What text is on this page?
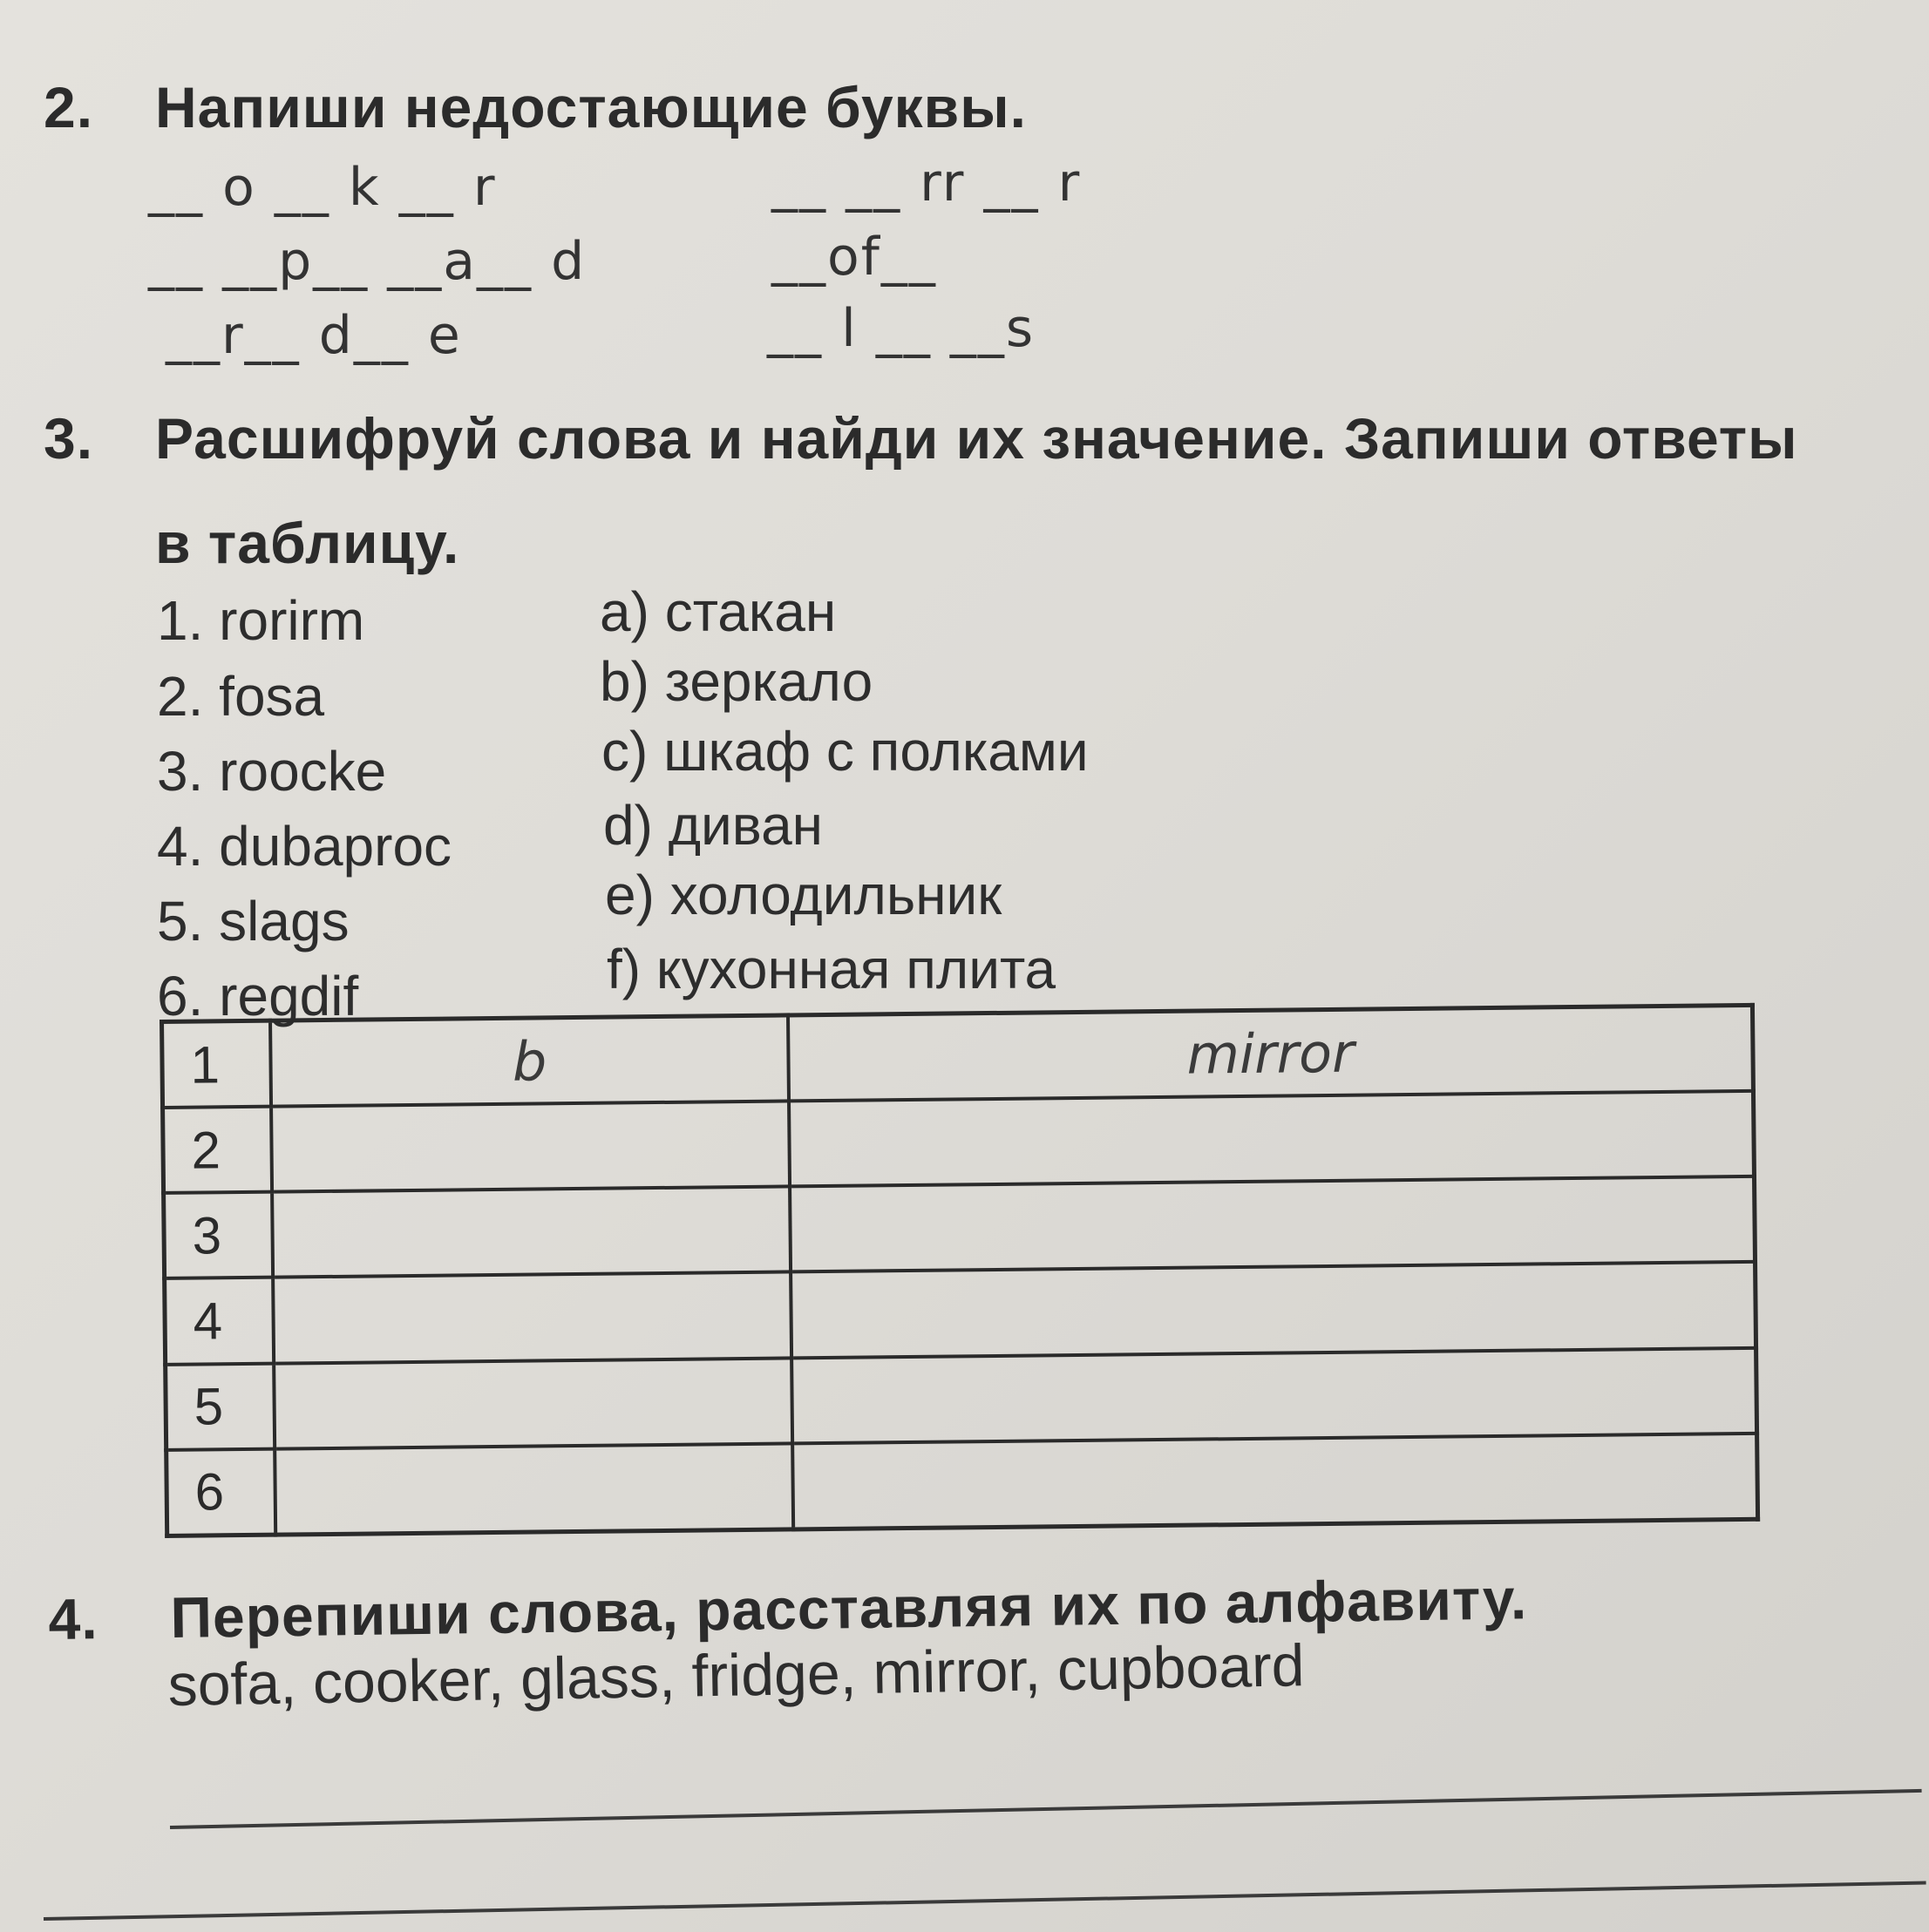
2. Напиши недостающие буквы.
__ o __ k __ r
__ __p__ __a__ d
__r__ d__ e
__ __ rr __ r
__of__
__ l __ __s
3. Расшифруй слова и найди их значение. Запиши ответы
в таблицу.
1. rorirm
2. fosa
3. roocke
4. dubaproc
5. slags
6. regdif
a) стакан
b) зеркало
c) шкаф с полками
d) диван
e) холодильник
f) кухонная плита
1	b	mirror
2		
3		
4		
5		
6		
4. Перепиши слова, расставляя их по алфавиту.
sofa, cooker, glass, fridge, mirror, cupboard
